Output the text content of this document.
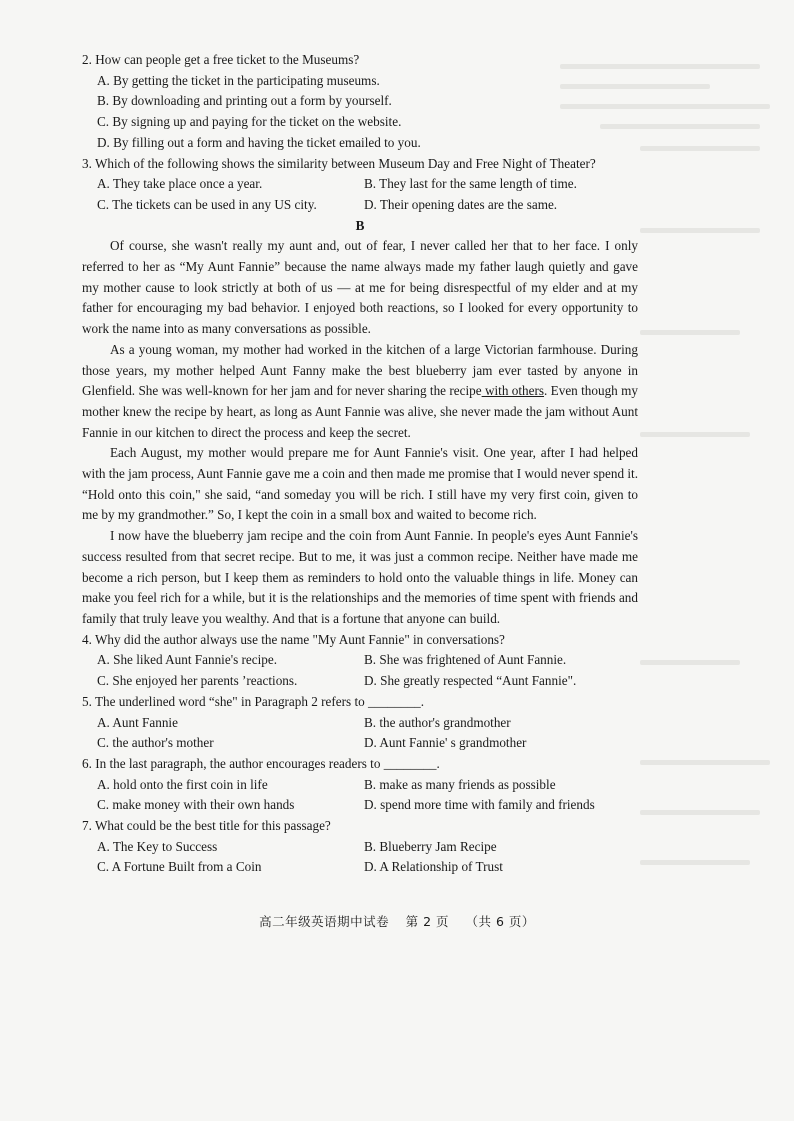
2. How can people get a free ticket to the Museums?

A. By getting the ticket in the participating museums.

B. By downloading and printing out a form by yourself.

C. By signing up and paying for the ticket on the website.

D. By filling out a form and having the ticket emailed to you.

3. Which of the following shows the similarity between Museum Day and Free Night of Theater?

A. They take place once a year.	B. They last for the same length of time.
C. The tickets can be used in any US city.	D. Their opening dates are the same.

B

Of course, she wasn't really my aunt and, out of fear, I never called her that to her face. I only referred to her as “My Aunt Fannie” because the name always made my father laugh quietly and gave my mother cause to look strictly at both of us — at me for being disrespectful of my elder and at my father for encouraging my bad behavior. I enjoyed both reactions, so I looked for every opportunity to work the name into as many conversations as possible.

As a young woman, my mother had worked in the kitchen of a large Victorian farmhouse. During those years, my mother helped Aunt Fanny make the best blueberry jam ever tasted by anyone in Glenfield. She was well-known for her jam and for never sharing the recipe with others. Even though my mother knew the recipe by heart, as long as Aunt Fannie was alive, she never made the jam without Aunt Fannie in our kitchen to direct the process and keep the secret.

Each August, my mother would prepare me for Aunt Fannie's visit. One year, after I had helped with the jam process, Aunt Fannie gave me a coin and then made me promise that I would never spend it. “Hold onto this coin," she said, “and someday you will be rich. I still have my very first coin, given to me by my grandmother.” So, I kept the coin in a small box and waited to become rich.

I now have the blueberry jam recipe and the coin from Aunt Fannie. In people's eyes Aunt Fannie's success resulted from that secret recipe. But to me, it was just a common recipe. Neither have made me become a rich person, but I keep them as reminders to hold onto the valuable things in life. Money can make you feel rich for a while, but it is the relationships and the memories of time spent with friends and family that truly leave you wealthy. And that is a fortune that anyone can build.

4. Why did the author always use the name "My Aunt Fannie" in conversations?

A. She liked Aunt Fannie's recipe.	B. She was frightened of Aunt Fannie.
C. She enjoyed her parents ’reactions.	D. She greatly respected “Aunt Fannie".

5. The underlined word “she" in Paragraph 2 refers to ________.

A. Aunt Fannie	B. the author's grandmother
C. the author's mother	D. Aunt Fannie' s grandmother

6. In the last paragraph, the author encourages readers to ________.

A. hold onto the first coin in life	B. make as many friends as possible
C. make money with their own hands	D. spend more time with family and friends

7. What could be the best title for this passage?

A. The Key to Success	B. Blueberry Jam Recipe
C. A Fortune Built from a Coin	D. A Relationship of Trust
高二年级英语期中试卷 第 2 页 （共 6 页）
